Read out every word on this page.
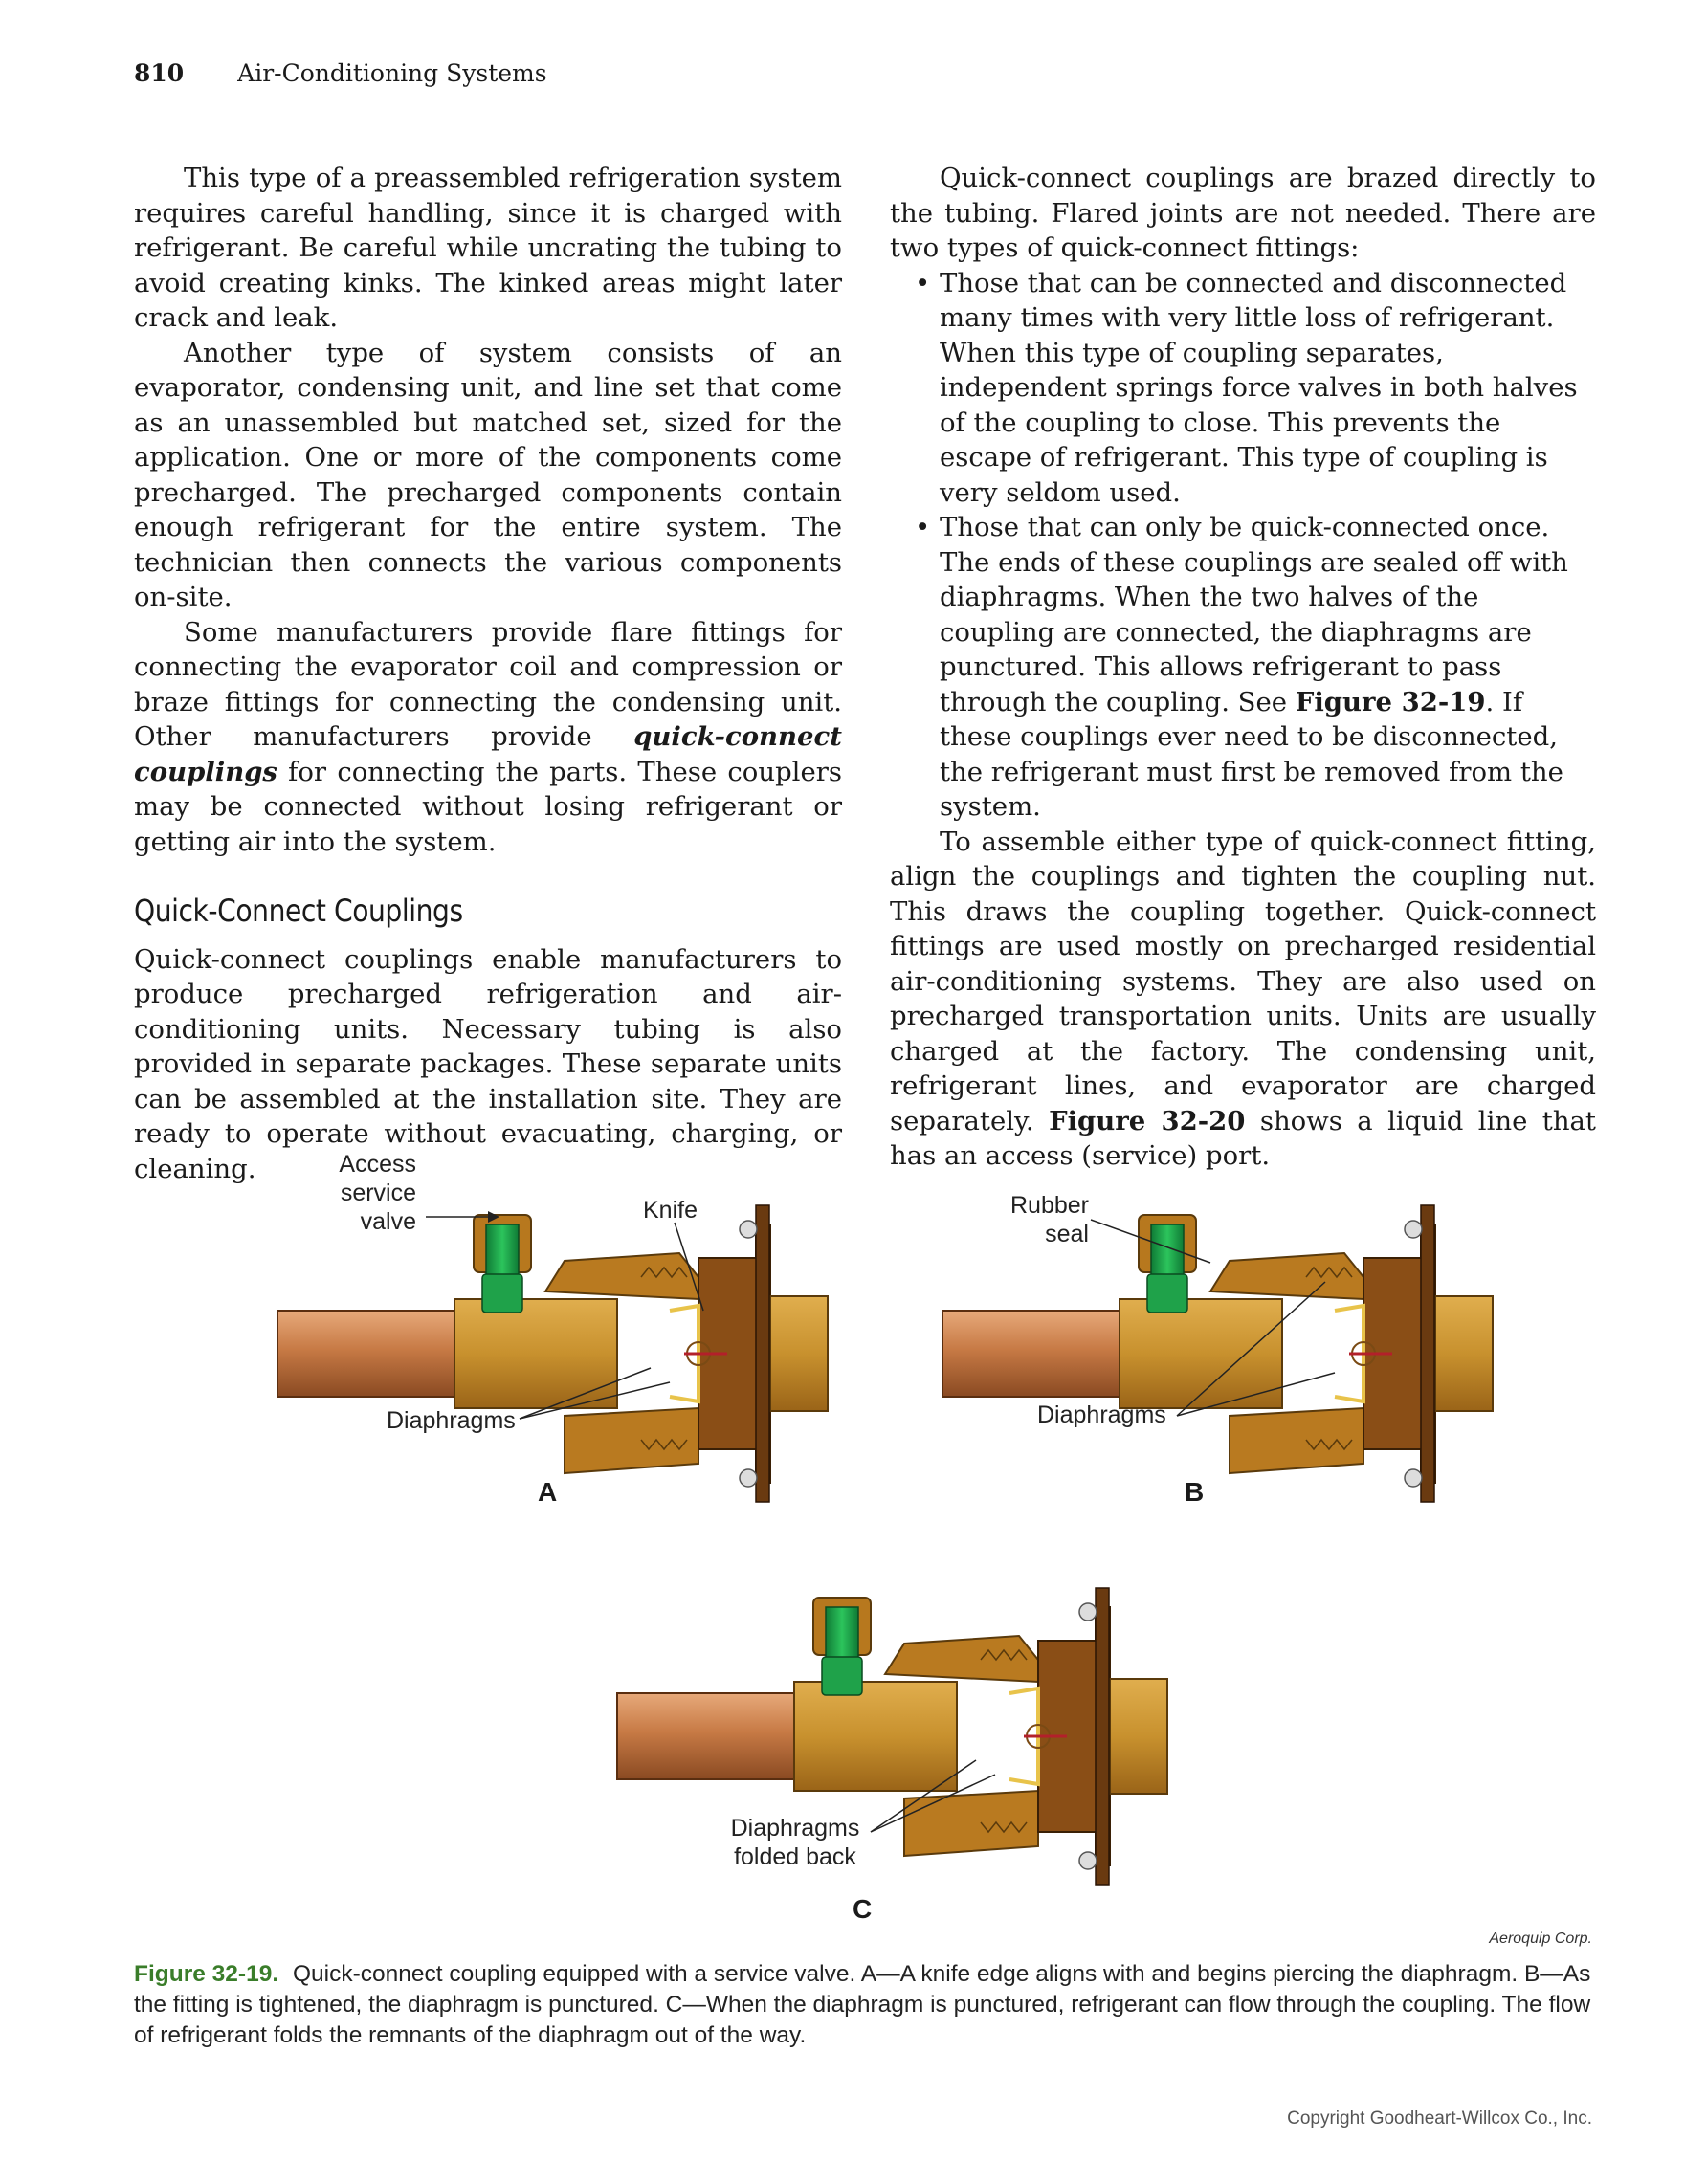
810 Air-Conditioning Systems

This type of a preassembled refrigeration system requires careful handling, since it is charged with refrigerant. Be careful while uncrating the tubing to avoid creating kinks. The kinked areas might later crack and leak.

Another type of system consists of an evaporator, condensing unit, and line set that come as an unassembled but matched set, sized for the application. One or more of the components come precharged. The precharged components contain enough refrigerant for the entire system. The technician then connects the various components on-site.

Some manufacturers provide flare fittings for connecting the evaporator coil and compression or braze fittings for connecting the condensing unit. Other manufacturers provide quick-connect couplings for connecting the parts. These couplers may be connected without losing refrigerant or getting air into the system.

Quick-Connect Couplings

Quick-connect couplings enable manufacturers to produce precharged refrigeration and air-conditioning units. Necessary tubing is also provided in separate packages. These separate units can be assembled at the installation site. They are ready to operate without evacuating, charging, or cleaning.

Quick-connect couplings are brazed directly to the tubing. Flared joints are not needed. There are two types of quick-connect fittings:

• Those that can be connected and disconnected many times with very little loss of refrigerant. When this type of coupling separates, independent springs force valves in both halves of the coupling to close. This prevents the escape of refrigerant. This type of coupling is very seldom used.
• Those that can only be quick-connected once. The ends of these couplings are sealed off with diaphragms. When the two halves of the coupling are connected, the diaphragms are punctured. This allows refrigerant to pass through the coupling. See Figure 32-19. If these couplings ever need to be disconnected, the refrigerant must first be removed from the system.

To assemble either type of quick-connect fitting, align the couplings and tighten the coupling nut. This draws the coupling together. Quick-connect fittings are used mostly on precharged residential air-conditioning systems. They are also used on precharged transportation units. Units are usually charged at the factory. The condensing unit, refrigerant lines, and evaporator are charged separately. Figure 32-20 shows a liquid line that has an access (service) port.

Access
service
valve	Knife
Diaphragms
Rubber
seal
Diaphragms
Diaphragms
folded back
A	B
C
Aeroquip Corp.
Figure 32-19. Quick-connect coupling equipped with a service valve. A—A knife edge aligns with and begins piercing the diaphragm. B—As the fitting is tightened, the diaphragm is punctured. C—When the diaphragm is punctured, refrigerant can flow through the coupling. The flow of refrigerant folds the remnants of the diaphragm out of the way.
Copyright Goodheart-Willcox Co., Inc.
